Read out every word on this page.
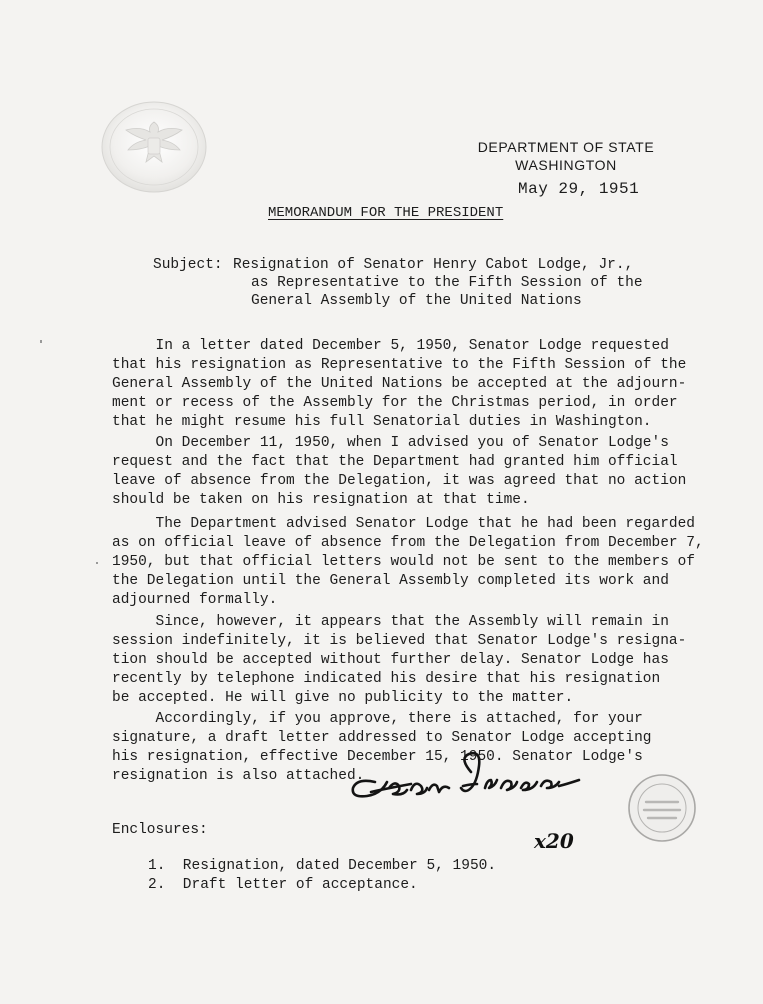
DEPARTMENT OF STATE
WASHINGTON
May 29, 1951
MEMORANDUM FOR THE PRESIDENT
Subject: Resignation of Senator Henry Cabot Lodge, Jr.,
as Representative to the Fifth Session of the
General Assembly of the United Nations
In a letter dated December 5, 1950, Senator Lodge requested
that his resignation as Representative to the Fifth Session of the
General Assembly of the United Nations be accepted at the adjourn-
ment or recess of the Assembly for the Christmas period, in order
that he might resume his full Senatorial duties in Washington.
On December 11, 1950, when I advised you of Senator Lodge's
request and the fact that the Department had granted him official
leave of absence from the Delegation, it was agreed that no action
should be taken on his resignation at that time.
The Department advised Senator Lodge that he had been regarded
as on official leave of absence from the Delegation from December 7,
1950, but that official letters would not be sent to the members of
the Delegation until the General Assembly completed its work and
adjourned formally.
Since, however, it appears that the Assembly will remain in
session indefinitely, it is believed that Senator Lodge's resigna-
tion should be accepted without further delay. Senator Lodge has
recently by telephone indicated his desire that his resignation
be accepted. He will give no publicity to the matter.
Accordingly, if you approve, there is attached, for your
signature, a draft letter addressed to Senator Lodge accepting
his resignation, effective December 15, 1950. Senator Lodge's
resignation is also attached.
x20
Enclosures:
1.  Resignation, dated December 5, 1950.
2.  Draft letter of acceptance.
